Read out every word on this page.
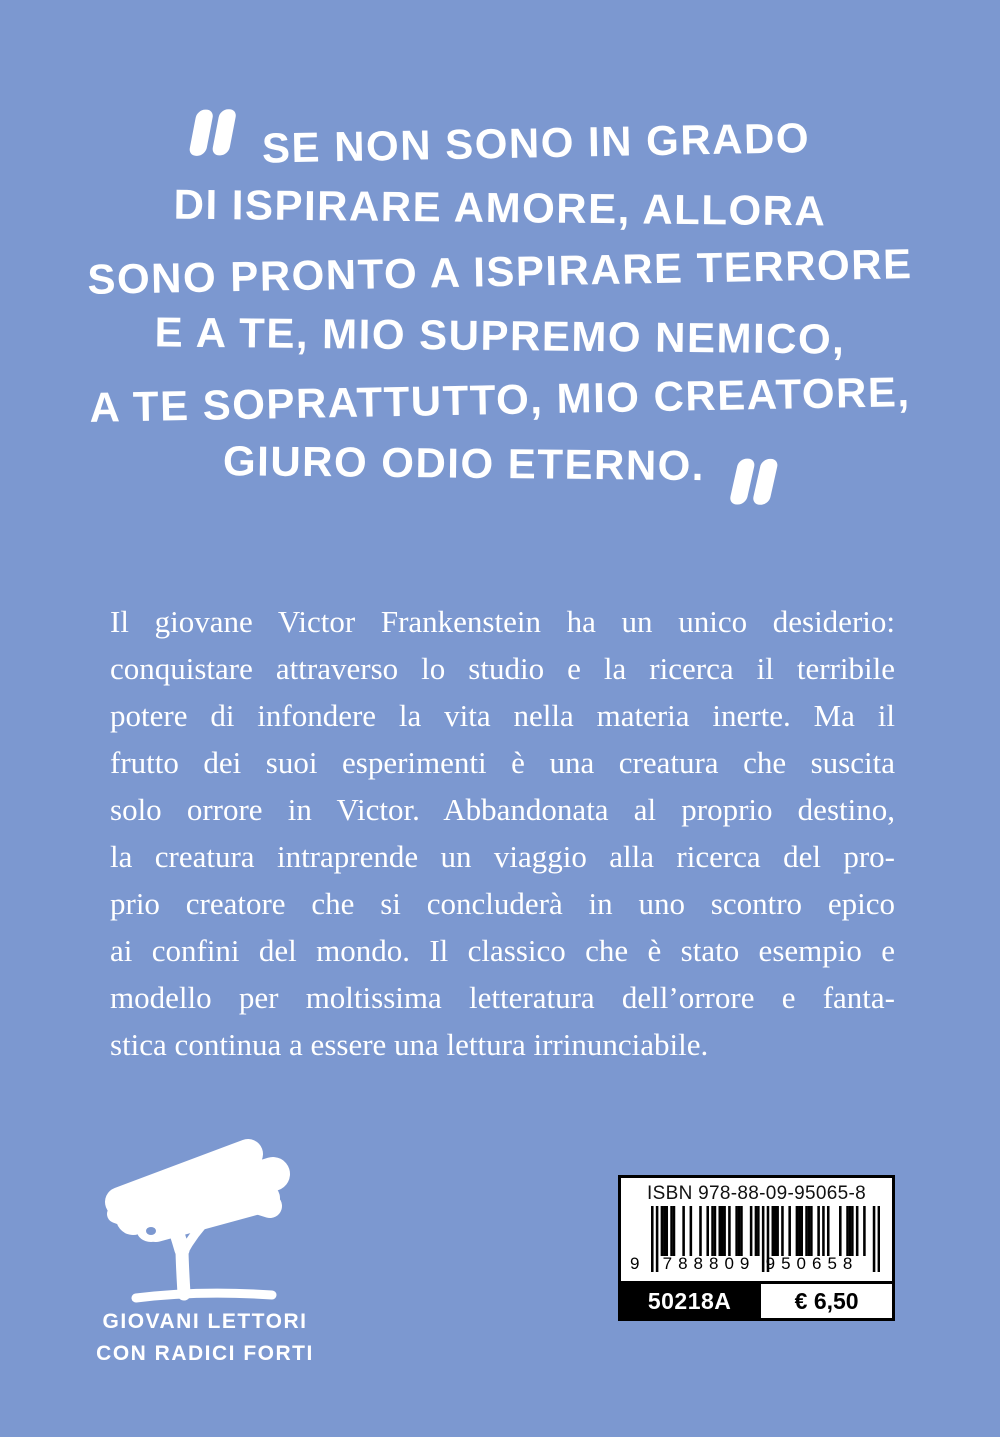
SE NON SONO IN GRADO
DI ISPIRARE AMORE, ALLORA
SONO PRONTO A ISPIRARE TERRORE
E A TE, MIO SUPREMO NEMICO,
A TE SOPRATTUTTO, MIO CREATORE,
GIURO ODIO ETERNO.
Il giovane Victor Frankenstein ha un unico desiderio:
conquistare attraverso lo studio e la ricerca il terribile
potere di infondere la vita nella materia inerte. Ma il
frutto dei suoi esperimenti è una creatura che suscita
solo orrore in Victor. Abbandonata al proprio destino,
la creatura intraprende un viaggio alla ricerca del pro-
prio creatore che si concluderà in uno scontro epico
ai confini del mondo. Il classico che è stato esempio e
modello per moltissima letteratura dell’orrore e fanta-
stica continua a essere una lettura irrinunciabile.
GIOVANI LETTORI
CON RADICI FORTI
ISBN 978-88-09-95065-8
9 788809 950658
50218A	€ 6,50
